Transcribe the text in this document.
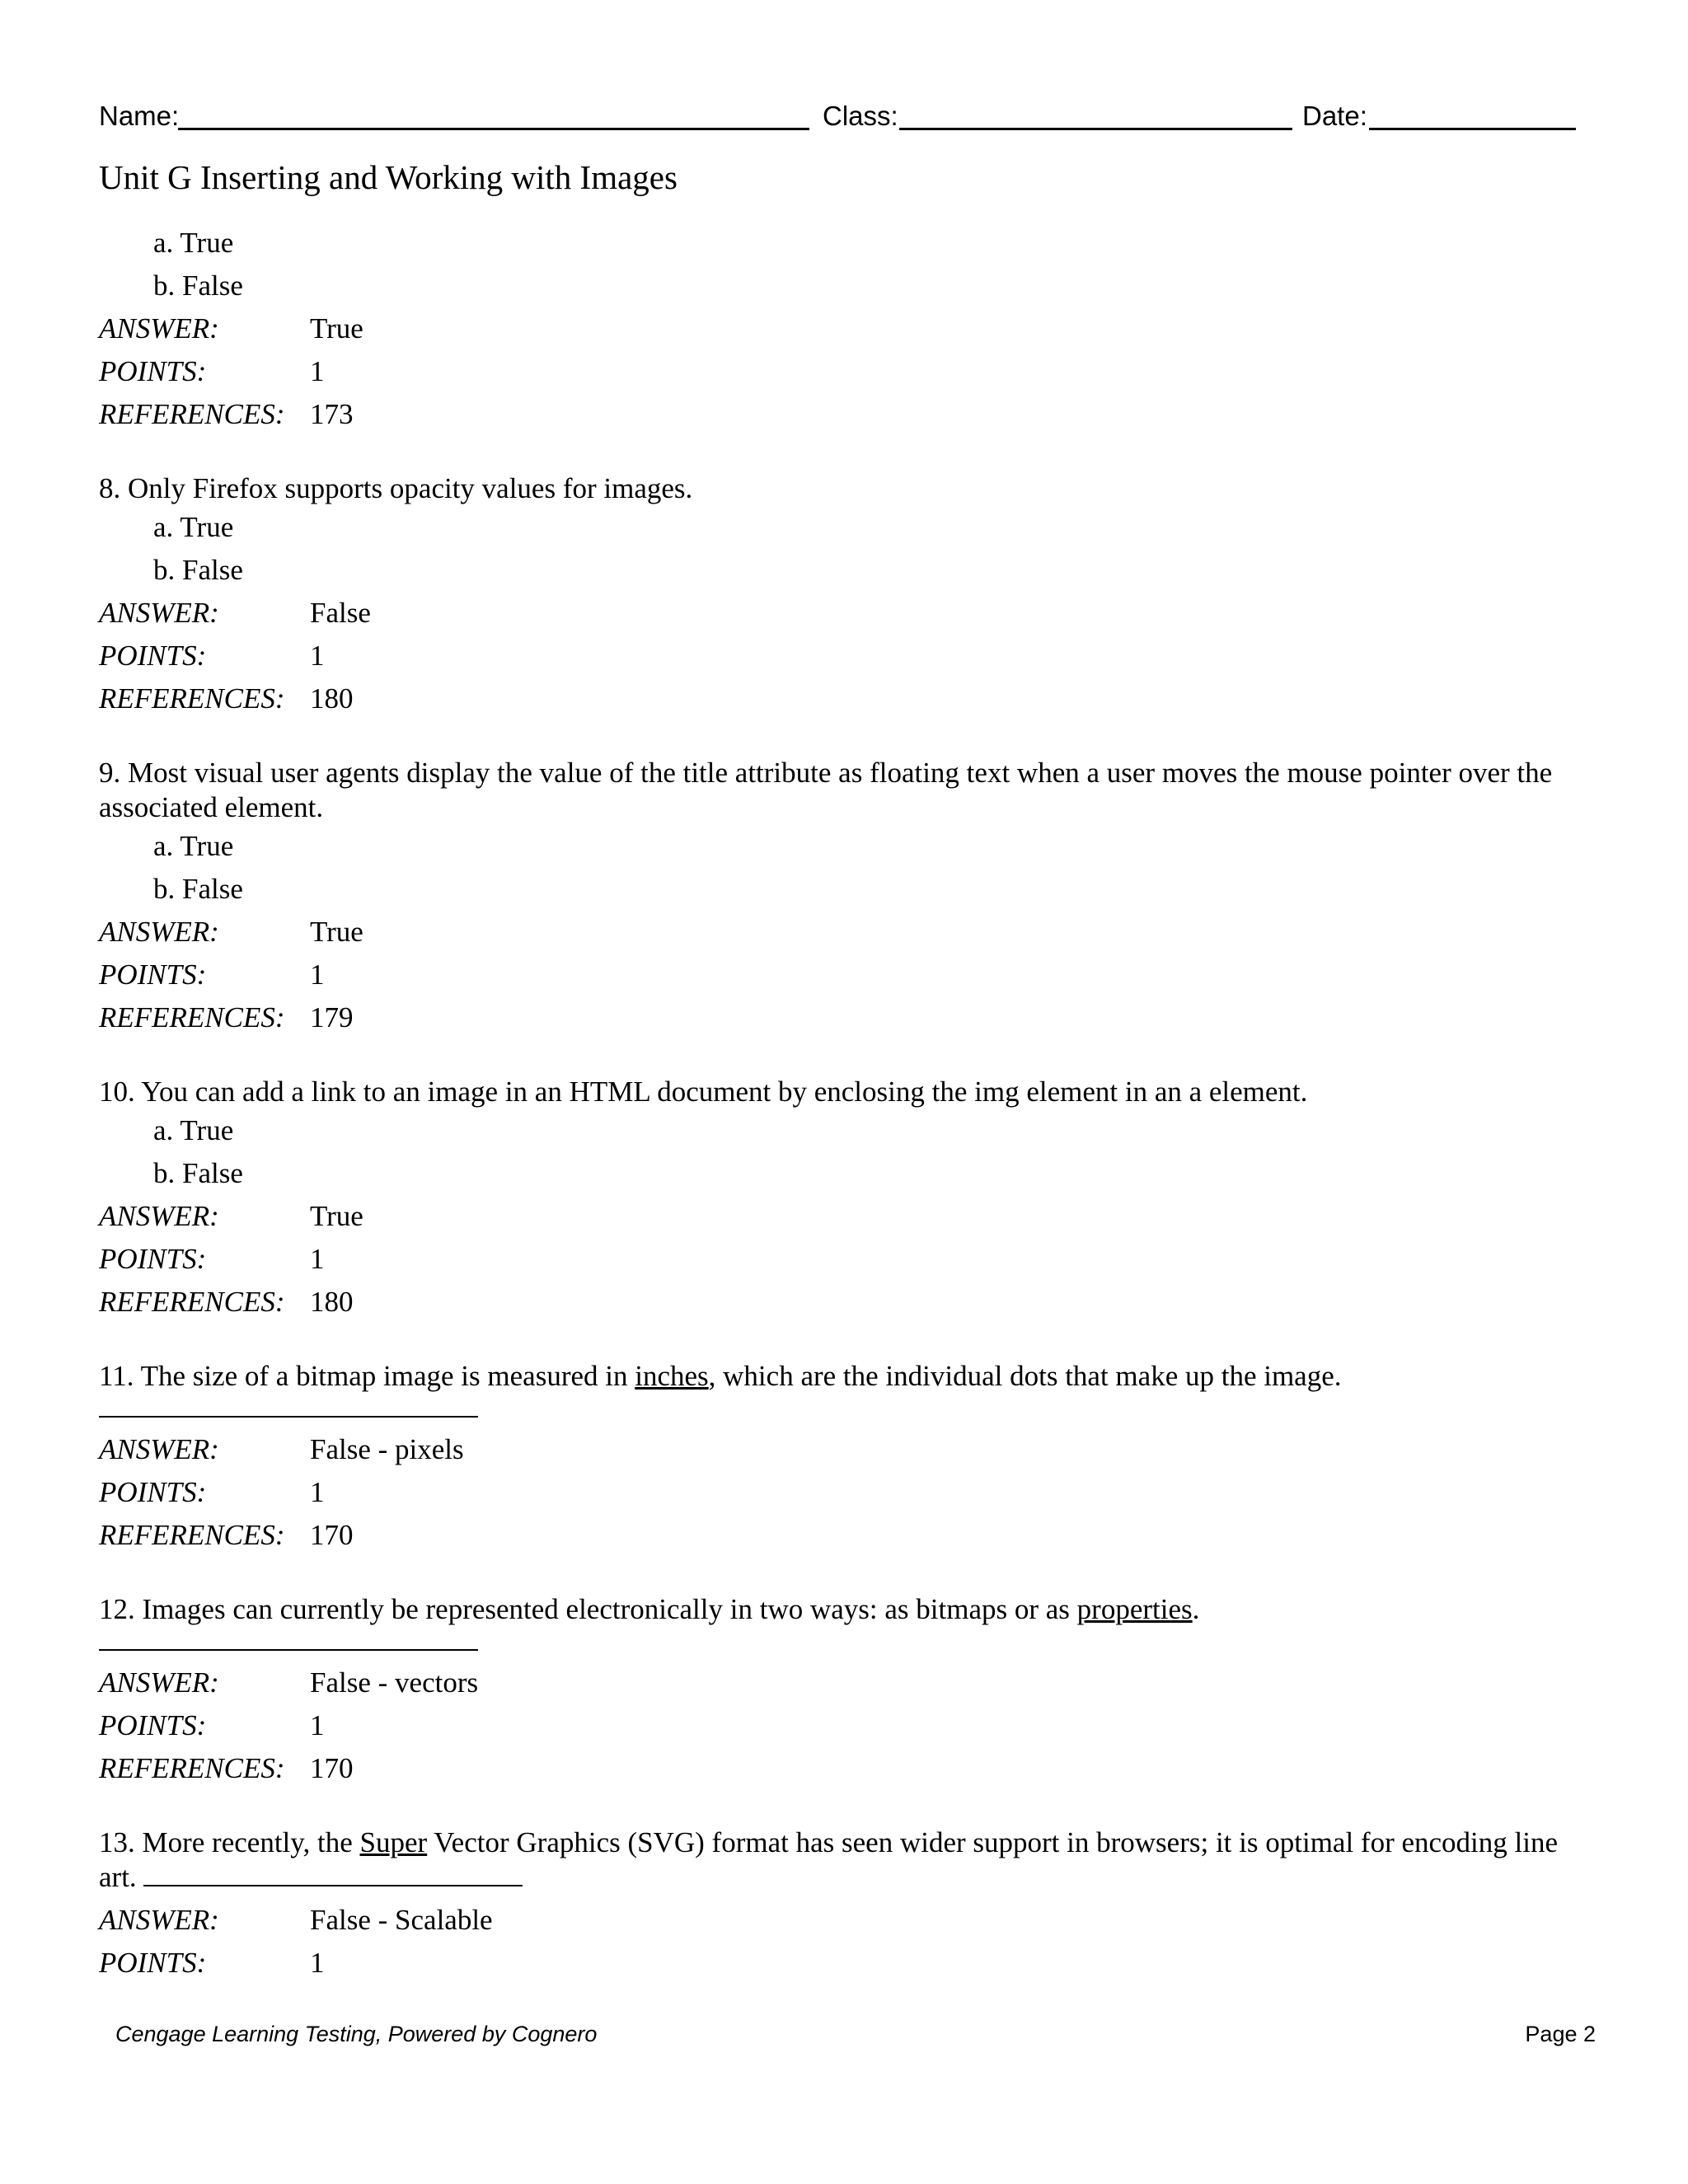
Name:	Class:	Date:
Unit G Inserting and Working with Images
a. True
b. False
ANSWER:	True
POINTS:	1
REFERENCES: 173
8. Only Firefox supports opacity values for images.
a. True
b. False
ANSWER:	False
POINTS:	1
REFERENCES: 180
9. Most visual user agents display the value of the title attribute as floating text when a user moves the mouse pointer over the associated element.
a. True
b. False
ANSWER:	True
POINTS:	1
REFERENCES: 179
10. You can add a link to an image in an HTML document by enclosing the img element in an a element.
a. True
b. False
ANSWER:	True
POINTS:	1
REFERENCES: 180
11. The size of a bitmap image is measured in inches, which are the individual dots that make up the image.
ANSWER:	False - pixels
POINTS:	1
REFERENCES: 170
12. Images can currently be represented electronically in two ways: as bitmaps or as properties.
ANSWER:	False - vectors
POINTS:	1
REFERENCES: 170
13. More recently, the Super Vector Graphics (SVG) format has seen wider support in browsers; it is optimal for encoding line art.
ANSWER:	False - Scalable
POINTS:	1
Cengage Learning Testing, Powered by Cognero	Page 2
